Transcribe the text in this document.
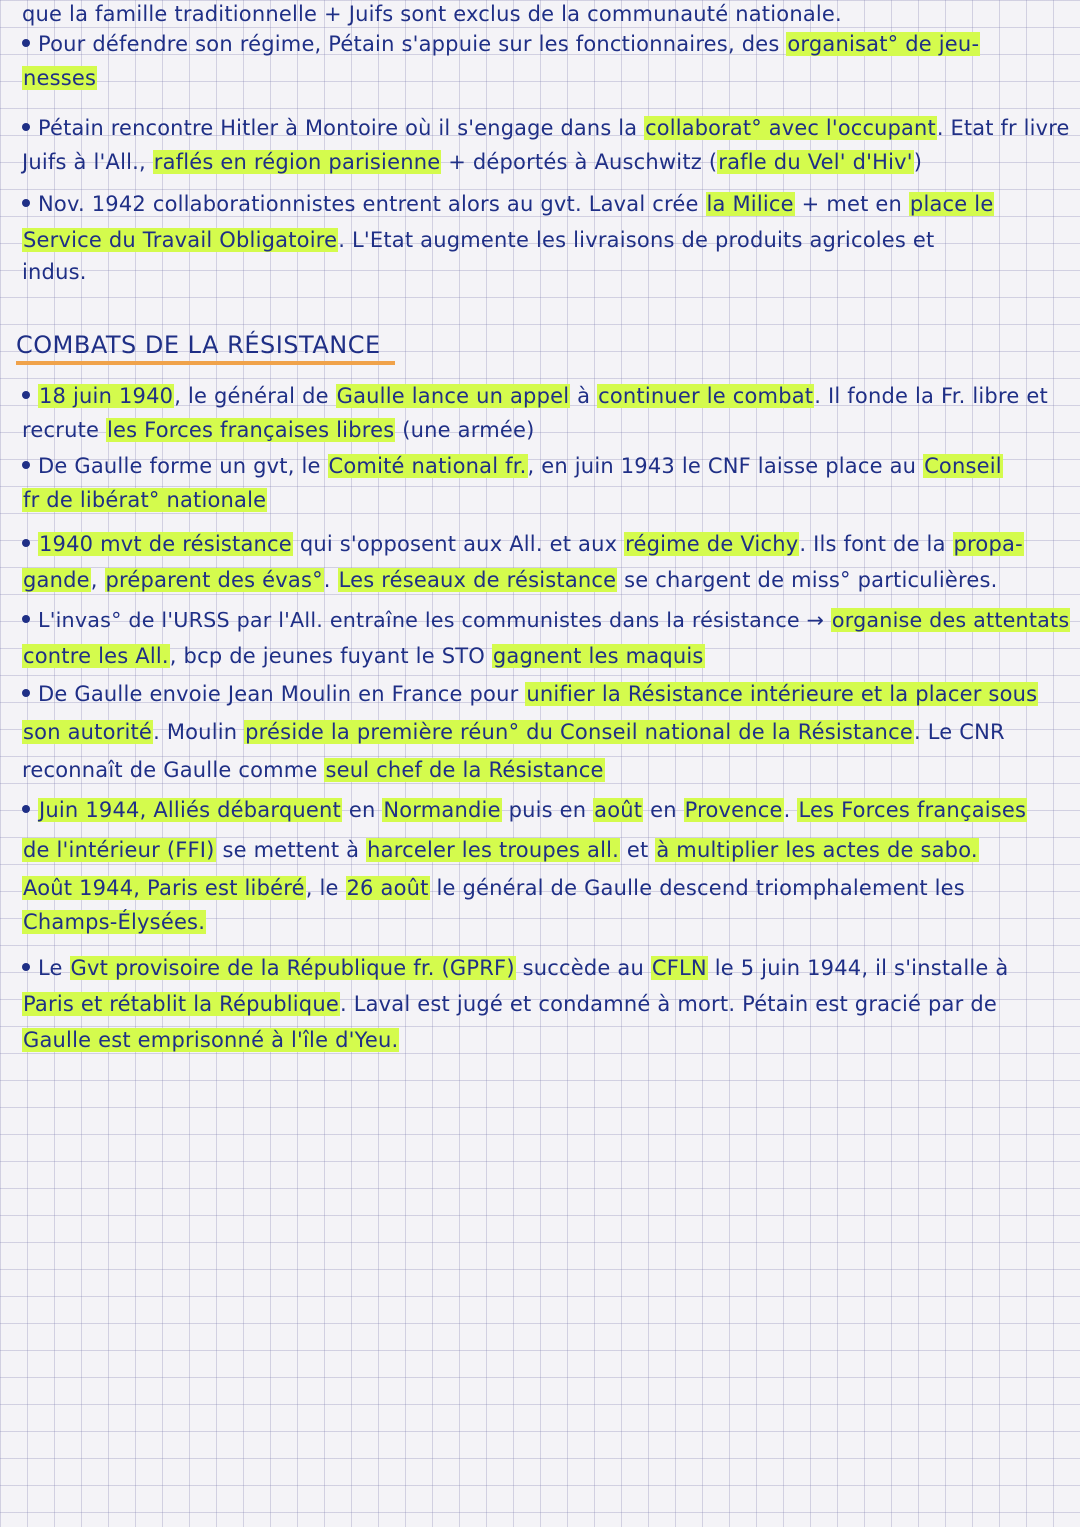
que la famille traditionnelle + Juifs sont exclus de la communauté nationale.
Pour défendre son régime, Pétain s'appuie sur les fonctionnaires, des organisat° de jeu-
nesses
Pétain rencontre Hitler à Montoire où il s'engage dans la collaborat° avec l'occupant. Etat fr livre
Juifs à l'All., raflés en région parisienne + déportés à Auschwitz (rafle du Vel' d'Hiv')
Nov. 1942 collaborationnistes entrent alors au gvt. Laval crée la Milice + met en place le
Service du Travail Obligatoire. L'Etat augmente les livraisons de produits agricoles et
indus.
COMBATS DE LA RÉSISTANCE
18 juin 1940, le général de Gaulle lance un appel à continuer le combat. Il fonde la Fr. libre et
recrute les Forces françaises libres (une armée)
De Gaulle forme un gvt, le Comité national fr., en juin 1943 le CNF laisse place au Conseil
fr de libérat° nationale
1940 mvt de résistance qui s'opposent aux All. et aux régime de Vichy. Ils font de la propa-
gande, préparent des évas°. Les réseaux de résistance se chargent de miss° particulières.
L'invas° de l'URSS par l'All. entraîne les communistes dans la résistance → organise des attentats
contre les All., bcp de jeunes fuyant le STO gagnent les maquis
De Gaulle envoie Jean Moulin en France pour unifier la Résistance intérieure et la placer sous
son autorité. Moulin préside la première réun° du Conseil national de la Résistance. Le CNR
reconnaît de Gaulle comme seul chef de la Résistance
Juin 1944, Alliés débarquent en Normandie puis en août en Provence. Les Forces françaises
de l'intérieur (FFI) se mettent à harceler les troupes all. et à multiplier les actes de sabo.
Août 1944, Paris est libéré, le 26 août le général de Gaulle descend triomphalement les
Champs-Élysées.
Le Gvt provisoire de la République fr. (GPRF) succède au CFLN le 5 juin 1944, il s'installe à
Paris et rétablit la République. Laval est jugé et condamné à mort. Pétain est gracié par de
Gaulle est emprisonné à l'île d'Yeu.
